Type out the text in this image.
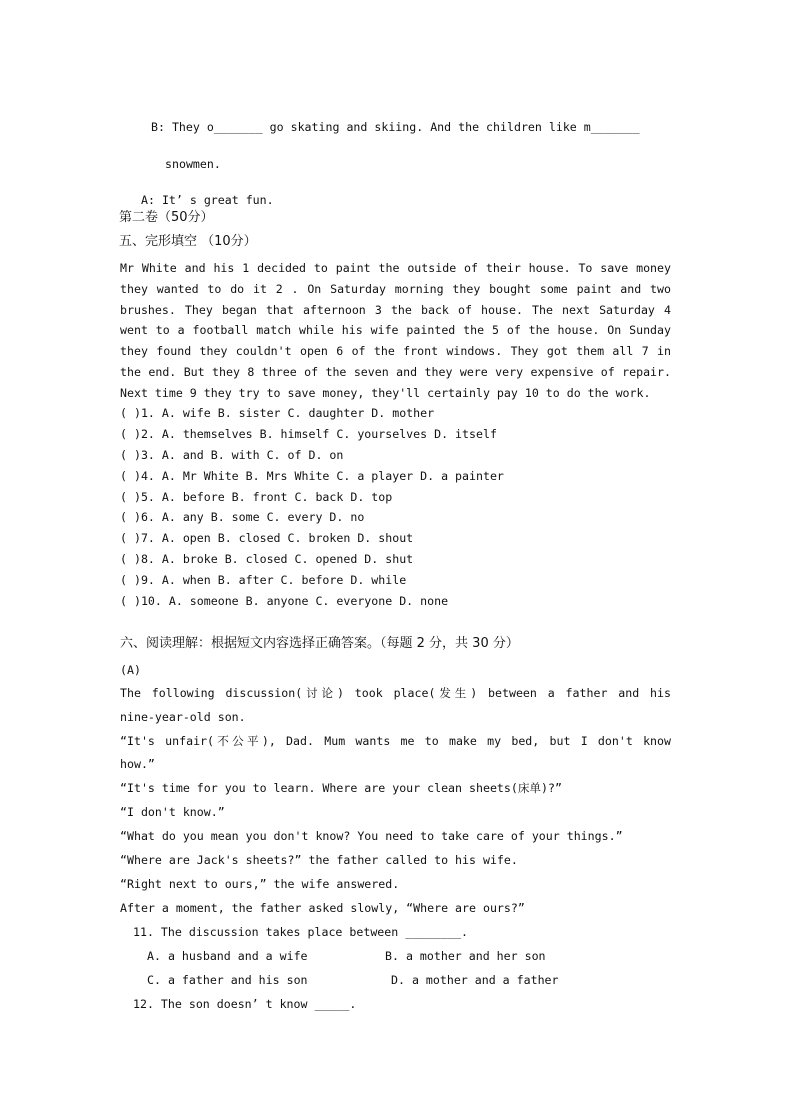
B: They o_______ go skating and skiing. And the children like m_______
snowmen.
A: It’ s great fun.
第二卷（50分）
五、完形填空 （10分）
Mr White and his 1 decided to paint the outside of their house. To save money
they wanted to do it 2 . On Saturday morning they bought some paint and two
brushes. They began that afternoon 3 the back of house. The next Saturday 4
went to a football match while his wife painted the 5 of the house. On Sunday
they found they couldn't open 6 of the front windows. They got them all 7 in
the end. But they 8 three of the seven and they were very expensive of repair.
Next time 9 they try to save money, they'll certainly pay 10 to do the work.
( )1. A. wife B. sister C. daughter D. mother
( )2. A. themselves B. himself C. yourselves D. itself
( )3. A. and B. with C. of D. on
( )4. A. Mr White B. Mrs White C. a player D. a painter
( )5. A. before B. front C. back D. top
( )6. A. any B. some C. every D. no
( )7. A. open B. closed C. broken D. shout
( )8. A. broke B. closed C. opened D. shut
( )9. A. when B. after C. before D. while
( )10. A. someone B. anyone C. everyone D. none
六、阅读理解：根据短文内容选择正确答案。（每题 2 分，共 30 分）
(A)
The following discussion(讨论) took place(发生) between a father and his
nine-year-old son.
“It's unfair(不公平), Dad. Mum wants me to make my bed, but I don't know
how.”
“It's time for you to learn. Where are your clean sheets(床单)?”
“I don't know.”
“What do you mean you don't know? You need to take care of your things.”
“Where are Jack's sheets?” the father called to his wife.
“Right next to ours,” the wife answered.
After a moment, the father asked slowly, “Where are ours?”
11. The discussion takes place between ________.
A. a husband and a wife	B. a mother and her son
C. a father and his son	D. a mother and a father
12. The son doesn’ t know _____.
